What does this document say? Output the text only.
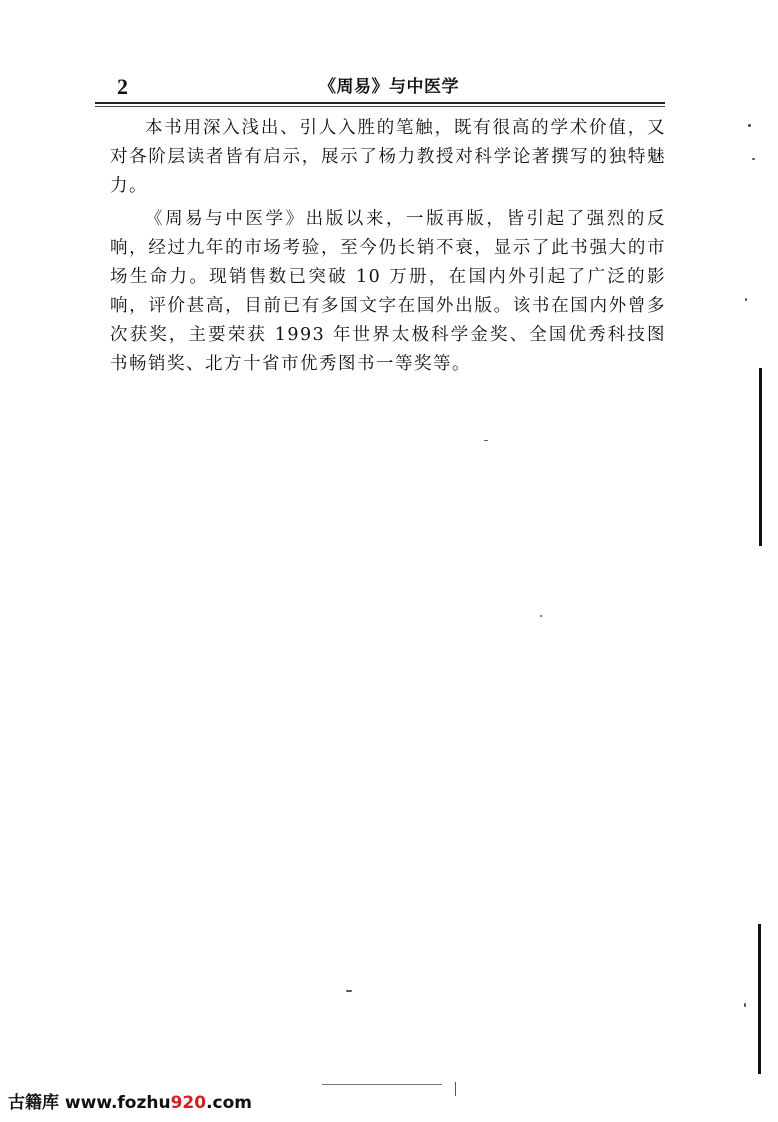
2	《周易》与中医学

本书用深入浅出、引人入胜的笔触，既有很高的学术价值，又对各阶层读者皆有启示，展示了杨力教授对科学论著撰写的独特魅力。

《周易与中医学》出版以来，一版再版，皆引起了强烈的反响，经过九年的市场考验，至今仍长销不衰，显示了此书强大的市场生命力。现销售数已突破 10 万册，在国内外引起了广泛的影响，评价甚高，目前已有多国文字在国外出版。该书在国内外曾多次获奖，主要荣获 1993 年世界太极科学金奖、全国优秀科技图书畅销奖、北方十省市优秀图书一等奖等。

古籍库 www.fozhu920.com
